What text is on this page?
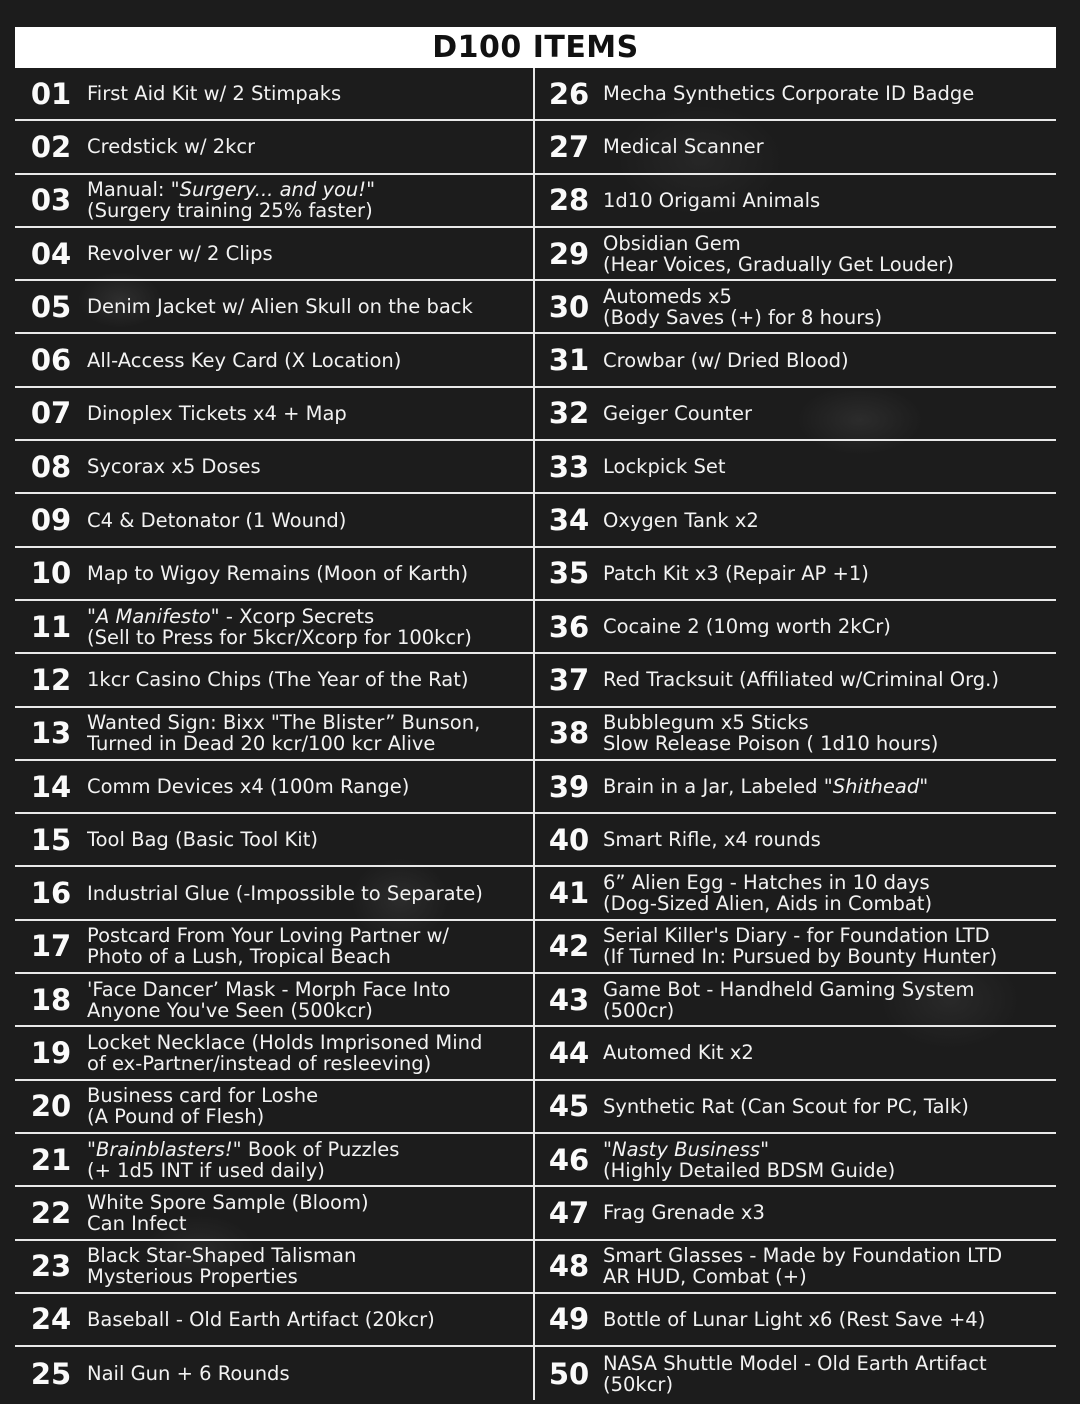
D100 ITEMS
01 First Aid Kit w/ 2 Stimpaks
02 Credstick w/ 2kcr
03 Manual: "Surgery... and you!"
(Surgery training 25% faster)
04 Revolver w/ 2 Clips
05 Denim Jacket w/ Alien Skull on the back
06 All-Access Key Card (X Location)
07 Dinoplex Tickets x4 + Map
08 Sycorax x5 Doses
09 C4 & Detonator (1 Wound)
10 Map to Wigoy Remains (Moon of Karth)
11 "A Manifesto" - Xcorp Secrets
(Sell to Press for 5kcr/Xcorp for 100kcr)
12 1kcr Casino Chips (The Year of the Rat)
13 Wanted Sign: Bixx "The Blister” Bunson,
Turned in Dead 20 kcr/100 kcr Alive
14 Comm Devices x4 (100m Range)
15 Tool Bag (Basic Tool Kit)
16 Industrial Glue (-Impossible to Separate)
17 Postcard From Your Loving Partner w/
Photo of a Lush, Tropical Beach
18 'Face Dancer’ Mask - Morph Face Into
Anyone You've Seen (500kcr)
19 Locket Necklace (Holds Imprisoned Mind
of ex-Partner/instead of resleeving)
20 Business card for Loshe
(A Pound of Flesh)
21 "Brainblasters!" Book of Puzzles
(+ 1d5 INT if used daily)
22 White Spore Sample (Bloom)
Can Infect
23 Black Star-Shaped Talisman
Mysterious Properties
24 Baseball - Old Earth Artifact (20kcr)
25 Nail Gun + 6 Rounds
26 Mecha Synthetics Corporate ID Badge
27 Medical Scanner
28 1d10 Origami Animals
29 Obsidian Gem
(Hear Voices, Gradually Get Louder)
30 Automeds x5
(Body Saves (+) for 8 hours)
31 Crowbar (w/ Dried Blood)
32 Geiger Counter
33 Lockpick Set
34 Oxygen Tank x2
35 Patch Kit x3 (Repair AP +1)
36 Cocaine 2 (10mg worth 2kCr)
37 Red Tracksuit (Affiliated w/Criminal Org.)
38 Bubblegum x5 Sticks
Slow Release Poison ( 1d10 hours)
39 Brain in a Jar, Labeled "Shithead"
40 Smart Rifle, x4 rounds
41 6” Alien Egg - Hatches in 10 days
(Dog-Sized Alien, Aids in Combat)
42 Serial Killer's Diary - for Foundation LTD
(If Turned In: Pursued by Bounty Hunter)
43 Game Bot - Handheld Gaming System
(500cr)
44 Automed Kit x2
45 Synthetic Rat (Can Scout for PC, Talk)
46 "Nasty Business"
(Highly Detailed BDSM Guide)
47 Frag Grenade x3
48 Smart Glasses - Made by Foundation LTD
AR HUD, Combat (+)
49 Bottle of Lunar Light x6 (Rest Save +4)
50 NASA Shuttle Model - Old Earth Artifact
(50kcr)
